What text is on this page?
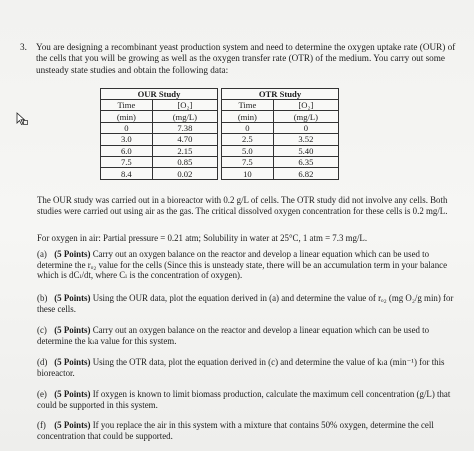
3. You are designing a recombinant yeast production system and need to determine the oxygen uptake rate (OUR) of the cells that you will be growing as well as the oxygen transfer rate (OTR) of the medium. You carry out some unsteady state studies and obtain the following data:
OUR Study	
Time	[O₂]
(min)	(mg/L)
0	7.38
3.0	4.70
6.0	2.15
7.5	0.85
8.4	0.02
OTR Study	
Time	[O₂]
(min)	(mg/L)
0	0
2.5	3.52
5.0	5.40
7.5	6.35
10	6.82
The OUR study was carried out in a bioreactor with 0.2 g/L of cells. The OTR study did not involve any cells. Both studies were carried out using air as the gas. The critical dissolved oxygen concentration for these cells is 0.2 mg/L.
For oxygen in air: Partial pressure = 0.21 atm; Solubility in water at 25°C, 1 atm = 7.3 mg/L.
(a) (5 Points) Carry out an oxygen balance on the reactor and develop a linear equation which can be used to determine the rₒ₂ value for the cells (Since this is unsteady state, there will be an accumulation term in your balance which is dCₗ/dt, where Cₗ is the concentration of oxygen).
(b) (5 Points) Using the OUR data, plot the equation derived in (a) and determine the value of rₒ₂ (mg O₂/g min) for these cells.
(c) (5 Points) Carry out an oxygen balance on the reactor and develop a linear equation which can be used to determine the kₗa value for this system.
(d) (5 Points) Using the OTR data, plot the equation derived in (c) and determine the value of kₗa (min⁻¹) for this bioreactor.
(e) (5 Points) If oxygen is known to limit biomass production, calculate the maximum cell concentration (g/L) that could be supported in this system.
(f) (5 Points) If you replace the air in this system with a mixture that contains 50% oxygen, determine the cell concentration that could be supported.
